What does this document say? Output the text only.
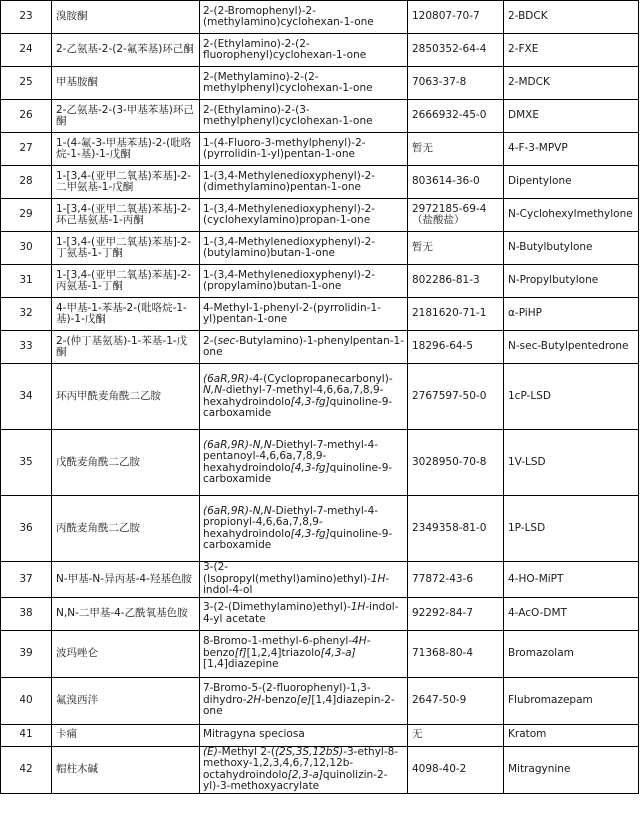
23	溴胺酮	2-(2-Bromophenyl)-2-(methylamino)cyclohexan-1-one	120807-70-7	2-BDCK
24	2-乙氨基-2-(2-氟苯基)环己酮	2-(Ethylamino)-2-(2-fluorophenyl)cyclohexan-1-one	2850352-64-4	2-FXE
25	甲基胺酮	2-(Methylamino)-2-(2-methylphenyl)cyclohexan-1-one	7063-37-8	2-MDCK
26	2-乙氨基-2-(3-甲基苯基)环己酮	2-(Ethylamino)-2-(3-methylphenyl)cyclohexan-1-one	2666932-45-0	DMXE
27	1-(4-氟-3-甲基苯基)-2-(吡咯烷-1-基)-1-戊酮	1-(4-Fluoro-3-methylphenyl)-2-(pyrrolidin-1-yl)pentan-1-one	暂无	4-F-3-MPVP
28	1-[3,4-(亚甲二氧基)苯基]-2-二甲氨基-1-戊酮	1-(3,4-Methylenedioxyphenyl)-2-(dimethylamino)pentan-1-one	803614-36-0	Dipentylone
29	1-[3,4-(亚甲二氧基)苯基]-2-环己基氨基-1-丙酮	1-(3,4-Methylenedioxyphenyl)-2-(cyclohexylamino)propan-1-one	2972185-69-4（盐酸盐）	N-Cyclohexylmethylone
30	1-[3,4-(亚甲二氧基)苯基]-2-丁氨基-1-丁酮	1-(3,4-Methylenedioxyphenyl)-2-(butylamino)butan-1-one	暂无	N-Butylbutylone
31	1-[3,4-(亚甲二氧基)苯基]-2-丙氨基-1-丁酮	1-(3,4-Methylenedioxyphenyl)-2-(propylamino)butan-1-one	802286-81-3	N-Propylbutylone
32	4-甲基-1-苯基-2-(吡咯烷-1-基)-1-戊酮	4-Methyl-1-phenyl-2-(pyrrolidin-1-yl)pentan-1-one	2181620-71-1	α-PiHP
33	2-(仲丁基氨基)-1-苯基-1-戊酮	2-(sec-Butylamino)-1-phenylpentan-1-one	18296-64-5	N-sec-Butylpentedrone
34	环丙甲酰麦角酰二乙胺	(6aR,9R)-4-(Cyclopropanecarbonyl)-N,N-diethyl-7-methyl-4,6,6a,7,8,9-hexahydroindolo[4,3-fg]quinoline-9-carboxamide	2767597-50-0	1cP-LSD
35	戊酰麦角酰二乙胺	(6aR,9R)-N,N-Diethyl-7-methyl-4-pentanoyl-4,6,6a,7,8,9-hexahydroindolo[4,3-fg]quinoline-9-carboxamide	3028950-70-8	1V-LSD
36	丙酰麦角酰二乙胺	(6aR,9R)-N,N-Diethyl-7-methyl-4-propionyl-4,6,6a,7,8,9-hexahydroindolo[4,3-fg]quinoline-9-carboxamide	2349358-81-0	1P-LSD
37	N-甲基-N-异丙基-4-羟基色胺	3-(2-(Isopropyl(methyl)amino)ethyl)-1H-indol-4-ol	77872-43-6	4-HO-MiPT
38	N,N-二甲基-4-乙酰氧基色胺	3-(2-(Dimethylamino)ethyl)-1H-indol-4-yl acetate	92292-84-7	4-AcO-DMT
39	波玛唑仑	8-Bromo-1-methyl-6-phenyl-4H-benzo[f][1,2,4]triazolo[4,3-a][1,4]diazepine	71368-80-4	Bromazolam
40	氟溴西泮	7-Bromo-5-(2-fluorophenyl)-1,3-dihydro-2H-benzo[e][1,4]diazepin-2-one	2647-50-9	Flubromazepam
41	卡痛	Mitragyna speciosa	无	Kratom
42	帽柱木碱	(E)-Methyl 2-((2S,3S,12bS)-3-ethyl-8-methoxy-1,2,3,4,6,7,12,12b-octahydroindolo[2,3-a]quinolizin-2-yl)-3-methoxyacrylate	4098-40-2	Mitragynine
